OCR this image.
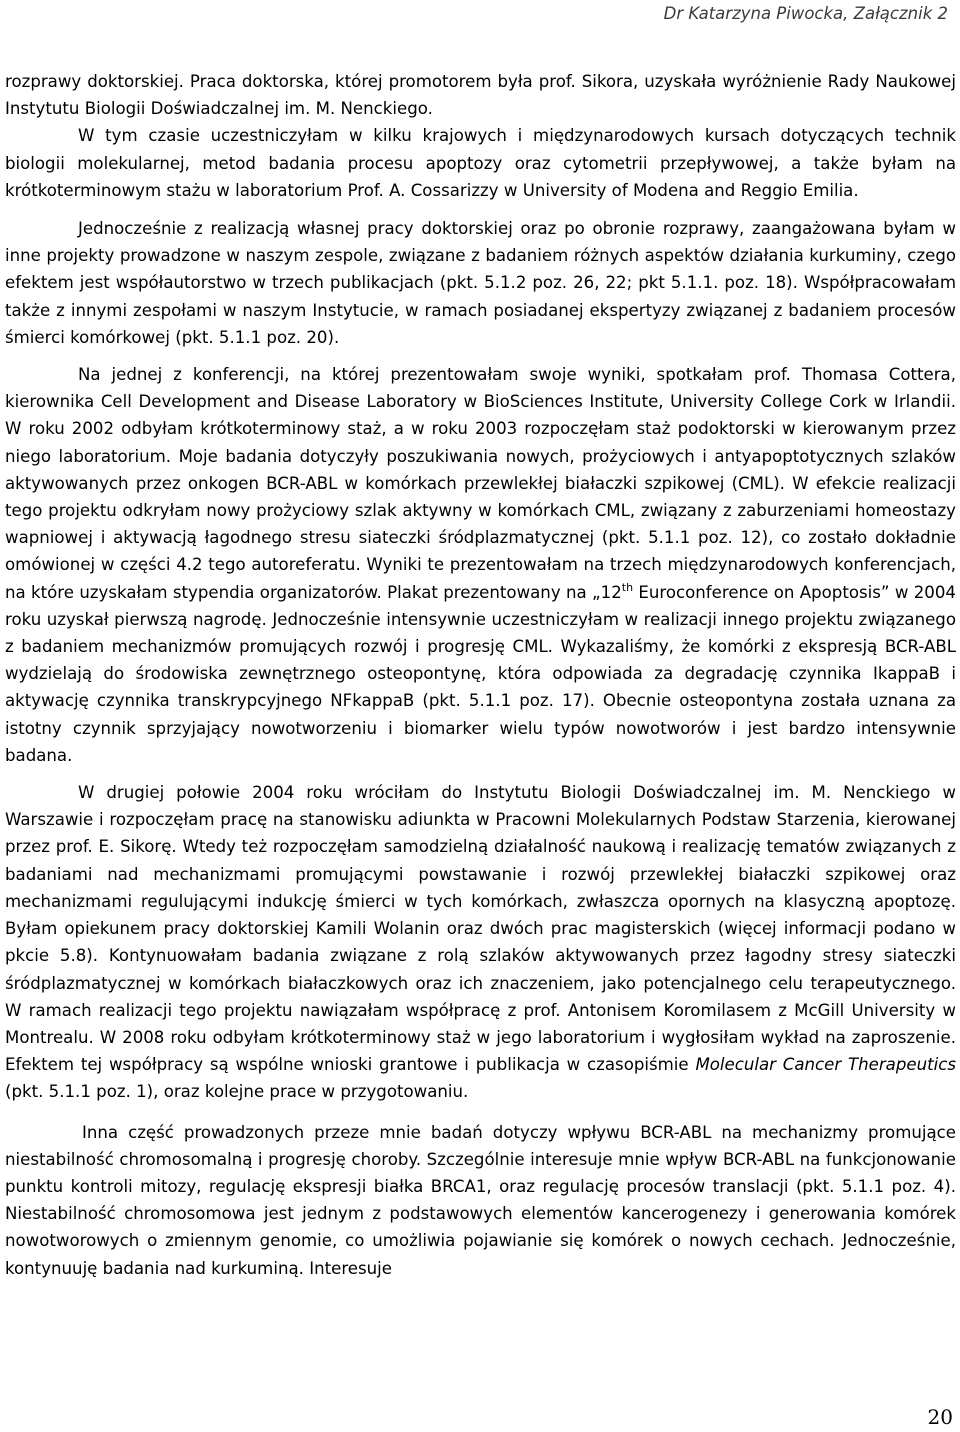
Dr Katarzyna Piwocka, Załącznik 2

rozprawy doktorskiej. Praca doktorska, której promotorem była prof. Sikora, uzyskała wyróżnienie Rady Naukowej Instytutu Biologii Doświadczalnej im. M. Nenckiego.

W tym czasie uczestniczyłam w kilku krajowych i międzynarodowych kursach dotyczących technik biologii molekularnej, metod badania procesu apoptozy oraz cytometrii przepływowej, a także byłam na krótkoterminowym stażu w laboratorium Prof. A. Cossarizzy w University of Modena and Reggio Emilia.

Jednocześnie z realizacją własnej pracy doktorskiej oraz po obronie rozprawy, zaangażowana byłam w inne projekty prowadzone w naszym zespole, związane z badaniem różnych aspektów działania kurkuminy, czego efektem jest współautorstwo w trzech publikacjach (pkt. 5.1.2 poz. 26, 22; pkt 5.1.1. poz. 18). Współpracowałam także z innymi zespołami w naszym Instytucie, w ramach posiadanej ekspertyzy związanej z badaniem procesów śmierci komórkowej (pkt. 5.1.1 poz. 20).

Na jednej z konferencji, na której prezentowałam swoje wyniki, spotkałam prof. Thomasa Cottera, kierownika Cell Development and Disease Laboratory w BioSciences Institute, University College Cork w Irlandii. W roku 2002 odbyłam krótkoterminowy staż, a w roku 2003 rozpoczęłam staż podoktorski w kierowanym przez niego laboratorium. Moje badania dotyczyły poszukiwania nowych, prożyciowych i antyapoptotycznych szlaków aktywowanych przez onkogen BCR-ABL w komórkach przewlekłej białaczki szpikowej (CML). W efekcie realizacji tego projektu odkryłam nowy prożyciowy szlak aktywny w komórkach CML, związany z zaburzeniami homeostazy wapniowej i aktywacją łagodnego stresu siateczki śródplazmatycznej (pkt. 5.1.1 poz. 12), co zostało dokładnie omówionej w części 4.2 tego autoreferatu. Wyniki te prezentowałam na trzech międzynarodowych konferencjach, na które uzyskałam stypendia organizatorów. Plakat prezentowany na „12th Euroconference on Apoptosis” w 2004 roku uzyskał pierwszą nagrodę. Jednocześnie intensywnie uczestniczyłam w realizacji innego projektu związanego z badaniem mechanizmów promujących rozwój i progresję CML. Wykazaliśmy, że komórki z ekspresją BCR-ABL wydzielają do środowiska zewnętrznego osteopontynę, która odpowiada za degradację czynnika IkappaB i aktywację czynnika transkrypcyjnego NFkappaB (pkt. 5.1.1 poz. 17). Obecnie osteopontyna została uznana za istotny czynnik sprzyjający nowotworzeniu i biomarker wielu typów nowotworów i jest bardzo intensywnie badana.

W drugiej połowie 2004 roku wróciłam do Instytutu Biologii Doświadczalnej im. M. Nenckiego w Warszawie i rozpoczęłam pracę na stanowisku adiunkta w Pracowni Molekularnych Podstaw Starzenia, kierowanej przez prof. E. Sikorę. Wtedy też rozpoczęłam samodzielną działalność naukową i realizację tematów związanych z badaniami nad mechanizmami promującymi powstawanie i rozwój przewlekłej białaczki szpikowej oraz mechanizmami regulującymi indukcję śmierci w tych komórkach, zwłaszcza opornych na klasyczną apoptozę. Byłam opiekunem pracy doktorskiej Kamili Wolanin oraz dwóch prac magisterskich (więcej informacji podano w pkcie 5.8). Kontynuowałam badania związane z rolą szlaków aktywowanych przez łagodny stresy siateczki śródplazmatycznej w komórkach białaczkowych oraz ich znaczeniem, jako potencjalnego celu terapeutycznego. W ramach realizacji tego projektu nawiązałam współpracę z prof. Antonisem Koromilasem z McGill University w Montrealu. W 2008 roku odbyłam krótkoterminowy staż w jego laboratorium i wygłosiłam wykład na zaproszenie. Efektem tej współpracy są wspólne wnioski grantowe i publikacja w czasopiśmie Molecular Cancer Therapeutics (pkt. 5.1.1 poz. 1), oraz kolejne prace w przygotowaniu.

Inna część prowadzonych przeze mnie badań dotyczy wpływu BCR-ABL na mechanizmy promujące niestabilność chromosomalną i progresję choroby. Szczególnie interesuje mnie wpływ BCR-ABL na funkcjonowanie punktu kontroli mitozy, regulację ekspresji białka BRCA1, oraz regulację procesów translacji (pkt. 5.1.1 poz. 4). Niestabilność chromosomowa jest jednym z podstawowych elementów kancerogenezy i generowania komórek nowotworowych o zmiennym genomie, co umożliwia pojawianie się komórek o nowych cechach. Jednocześnie, kontynuuję badania nad kurkuminą. Interesuje

20
